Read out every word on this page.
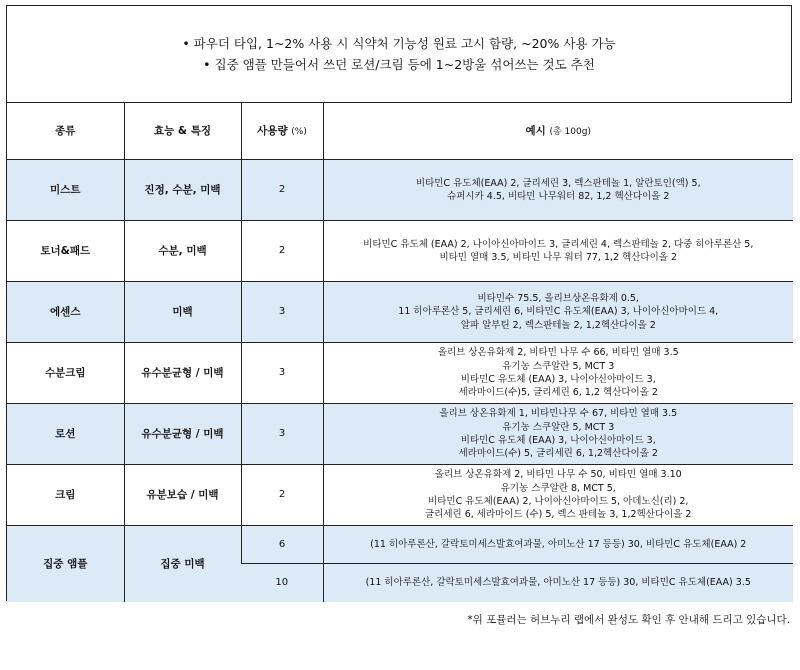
• 파우더 타입, 1~2% 사용 시 식약처 기능성 원료 고시 함량, ~20% 사용 가능
• 집중 앰플 만들어서 쓰던 로션/크림 등에 1~2방울 섞어쓰는 것도 추천
종류	효능 & 특징	사용량 (%)	예시 (총 100g)
미스트	진정, 수분, 미백	2	비타민C 유도체(EAA) 2, 글리세린 3, 렉스판테놀 1, 알란토인(액) 5,
슈퍼시카 4.5, 비타민 나무워터 82, 1,2 헥산다이올 2

토너&패드	수분, 미백	2	비타민C 유도체 (EAA) 2, 나이아신아마이드 3, 글리세린 4, 렉스판테놀 2, 다중 히아루론산 5,
비타민 열매 3.5, 비타민 나무 워터 77, 1,2 헥산다이올 2

에센스	미백	3	비타민수 75.5, 올리브상온유화제 0.5,
11 히아루론산 5, 글리세린 6, 비타민C 유도체(EAA) 3, 나이아신아마이드 4,
알파 알부틴 2, 렉스판테놀 2, 1,2헥산다이올 2

수분크림	유수분균형 / 미백	3	올리브 상온유화제 2, 비타민 나무 수 66, 비타민 열매 3.5
유기농 스쿠알란 5, MCT 3
비타민C 유도체 (EAA) 3, 나이아신아마이드 3,
세라마이드(수)5, 글리세린 6, 1,2 헥산다이올 2

로션	유수분균형 / 미백	3	올리브 상온유화제 1, 비타민나무 수 67, 비타민 열매 3.5
유기농 스쿠알란 5, MCT 3
비타민C 유도체 (EAA) 3, 나이아신아마이드 3,
세라마이드(수) 5, 글리세린 6, 1,2헥산다이올 2

크림	유분보습 / 미백	2	올리브 상온유화제 2, 비타민 나무 수 50, 비타민 열매 3.10
유기농 스쿠알란 8, MCT 5,
비타민C 유도체(EAA) 2, 나이아신아마이드 5, 아데노신(리) 2,
글리세린 6, 세라마이드 (수) 5, 렉스 판테놀 3, 1,2헥산다이올 2

집중 앰플	집중 미백	6	(11 히아루론산, 갈락토미세스발효여과물, 아미노산 17 등등) 30, 비타민C 유도체(EAA) 2
		10	(11 히아루론산, 갈락토미세스발효여과물, 아미노산 17 등등) 30, 비타민C 유도체(EAA) 3.5
*위 포뮬러는 허브누리 랩에서 완성도 확인 후 안내해 드리고 있습니다.
